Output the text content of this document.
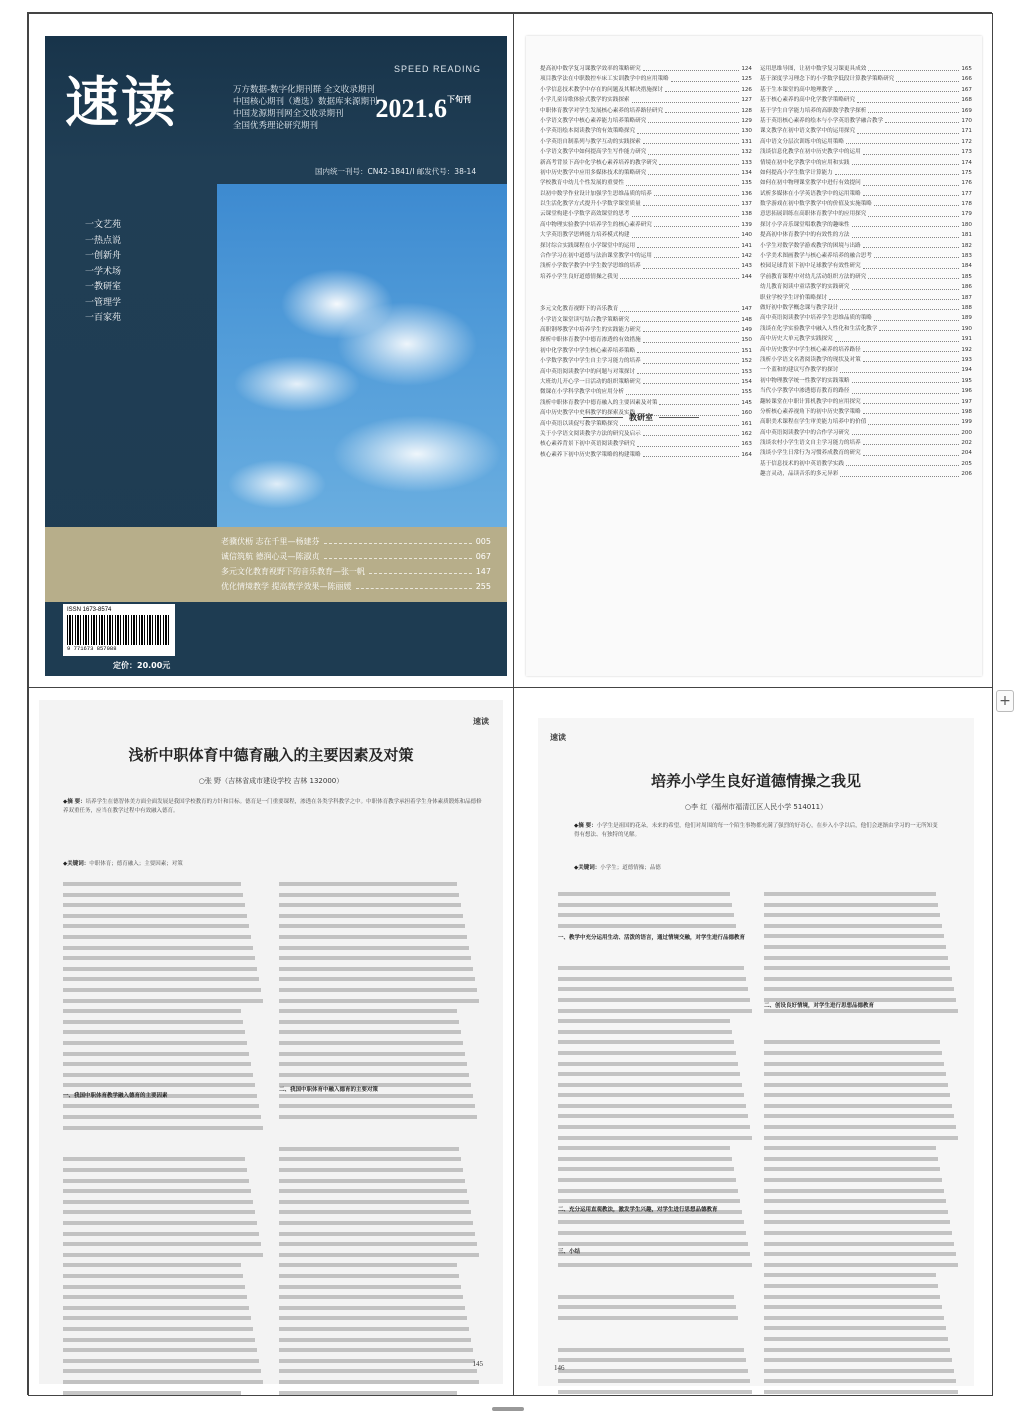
速读
SPEED READING
万方数据-数字化期刊群 全文收录期刊
中国核心期刊（遴选）数据库来源期刊
中国龙源期刊网全文收录期刊
全国优秀理论研究期刊
$2021.6^{下旬刊}$
国内统一刊号：CN42-1841/I 邮发代号：38-14
一文艺苑
一热点说
一创新舟
一学术场
一教研室
一管理学
一百家苑
老骥伏枥 志在千里—杨建芬	005
诚信筑航 德润心灵—陈淑贞	067
多元文化教育视野下的音乐教育—张一帆	147
优化情境教学 提高教学效果—陈丽媛	255
ISSN 1673-8574
9 771673 857088
定价：20.00元
提高初中数学复习课教学效率的策略研究	124
项目教学法在中职数控车床工实训教学中的应用策略	125
小学信息技术教学中存在的问题及其解决措施探讨	126
小学儿童诗歌体验式教学的实践探索	127
中职体育教学对学生发展核心素养的培养路径研究	128
小学语文教学中核心素养能力培养策略研究	129
小学英语绘本阅读教学的有效策略探究	130
小学英语自制系列与教学互动的实践探索	131
小学语文教学中如何提高学生写作能力研究	132
新高考背景下高中化学核心素养培养的教学研究	133
初中历史教学中应用多媒体技术的策略研究	134
学校教育中幼儿个性发展的重要性	135
以初中数学作业设计加强学生思维品质的培养	136
以生活化教学方式提升小学数学课堂质量	137
云课堂构建小学数学高效课堂的思考	138
高中物理实验教学中培养学生的核心素养研究	139
大学英语教学思辨能力培养模式构建	140
探讨综合实践课程在小学课堂中的运用	141
合作学习在初中道德与法治课堂教学中的运用	142
浅析小学数学教学中学生数学思维的培养	143
培养小学生良好道德情操之我见	144
多元文化教育视野下的音乐教育	147
小学语文课堂读写结合教学策略研究	148
高职钢琴教学中培养学生的实践能力研究	149
探析中职体育教学中德育渗透的有效措施	150
初中化学教学中学生核心素养培养策略	151
小学数学教学中学生自主学习能力的培养	152
高中英语阅读教学中的问题与对策探讨	153
大班幼儿开心学一日活动的组织策略研究	154
微课在小学科学教学中的应用分析	155
浅析中职体育教学中德育融入的主要因素及对策	145
高中历史教学中史料教学的探索及实践	160
高中英语以读促写教学策略探究	161
关于小学语文阅读教学方法的研究及启示	162
核心素养背景下初中英语阅读教学研究	163
核心素养下初中历史教学策略的构建策略	164
运用思维导图，让初中数学复习课更具成效	165
基于深度学习理念下的小学数学低段计算教学策略研究	166
基于生本课堂的高中地理教学	167
基于核心素养的高中化学教学策略研究	168
基于学生自学能力培养的高职数学教学探析	169
基于英语核心素养的绘本与小学英语教学融合教学	170
课文教学在初中语文教学中的运用探究	171
高中语文分层次训练中的运用策略	172
浅谈信息化教学在初中历史教学中的运用	173
情境在初中化学教学中的应用和实践	174
如何提高小学生数学计算能力	175
如何在初中物理课堂教学中进行有效提问	176
试析多媒体在小学英语教学中的运用策略	177
数学游戏在初中数学教学中的价值及实施策略	178
意思拓展训练在高职体育教学中的应用探究	179
探讨小学音乐课堂唱歌教学的趣味性	180
提高初中体育教学中的有效性的方法	181
小学生对数学数学游戏教学的困境与出路	182
小学美术图画教学与核心素养培养的融合思考	183
校园足球背景下初中足球教学有效性研究	184
学前教育课程中对幼儿活动组织方法的研究	185
幼儿教育阅读中童话教学的实践研究	186
职业学校学生评价策略探讨	187
做好初中数学概念课与教学设计	188
高中英语阅读教学中培养学生思维品质的策略	189
浅谈在化学实验教学中融入人性化和生活化教学	190
高中历史大单元教学实践探究	191
高中历史教学中学生核心素养的培养路径	192
浅析小学语文名著阅读教学的现状及对策	193
一个蓝和的建议写作教学的探讨	194
初中物理教学统一性教学的实践策略	195
当代小学教学中渗透德育教育的路径	196
翻转课堂在中职计算机教学中的应用探究	197
分析核心素养视角下的初中历史教学策略	198
高职美术课程在学生审美能力培养中的价值	199
高中英语阅读教学中的合作学习研究	200
浅谈农村小学生语文自主学习能力的培养	202
浅谈小学生日常行为习惯养成教育的研究	204
基于信息技术的初中英语教学实践	205
趣言灵动，品读音乐的多元异彩	206
教研室
速读
浅析中职体育中德育融入的主要因素及对策
○张 野（吉林省成市建设学校 吉林 132000）
◆摘 要：培养学生在德智体美方面全面发展是我国学校教育的方针和目标。德育是一门重要课程，渗透在各类学科教学之中。中职体育教学承担着学生身体素质锻炼和品德修养双重任务，应当在教学过程中有效融入德育。
◆关键词：中职体育；德育融入；主要因素；对策
一、我国中职体育教学融入德育的主要因素
二、我国中职体育中融入德育的主要对策
145
速读
培养小学生良好道德情操之我见
○李 红（福州市福清江区人民小学 514011）
◆摘 要：小学生是祖国的花朵，未来的希望，他们对周围的每一个陌生事物都充满了强烈的好奇心，在步入小学以后，他们会逐渐由学习的一无所知变得有想法、有独特的见解。
◆关键词：小学生；道德情操；品德
一、教学中充分运用生动、活泼的语言，通过情境交融，对学生进行品德教育
二、创设良好情境，对学生进行思想品德教育
二、充分运用直观教法，激发学生兴趣，对学生进行思想品德教育
三、小结
146
+
